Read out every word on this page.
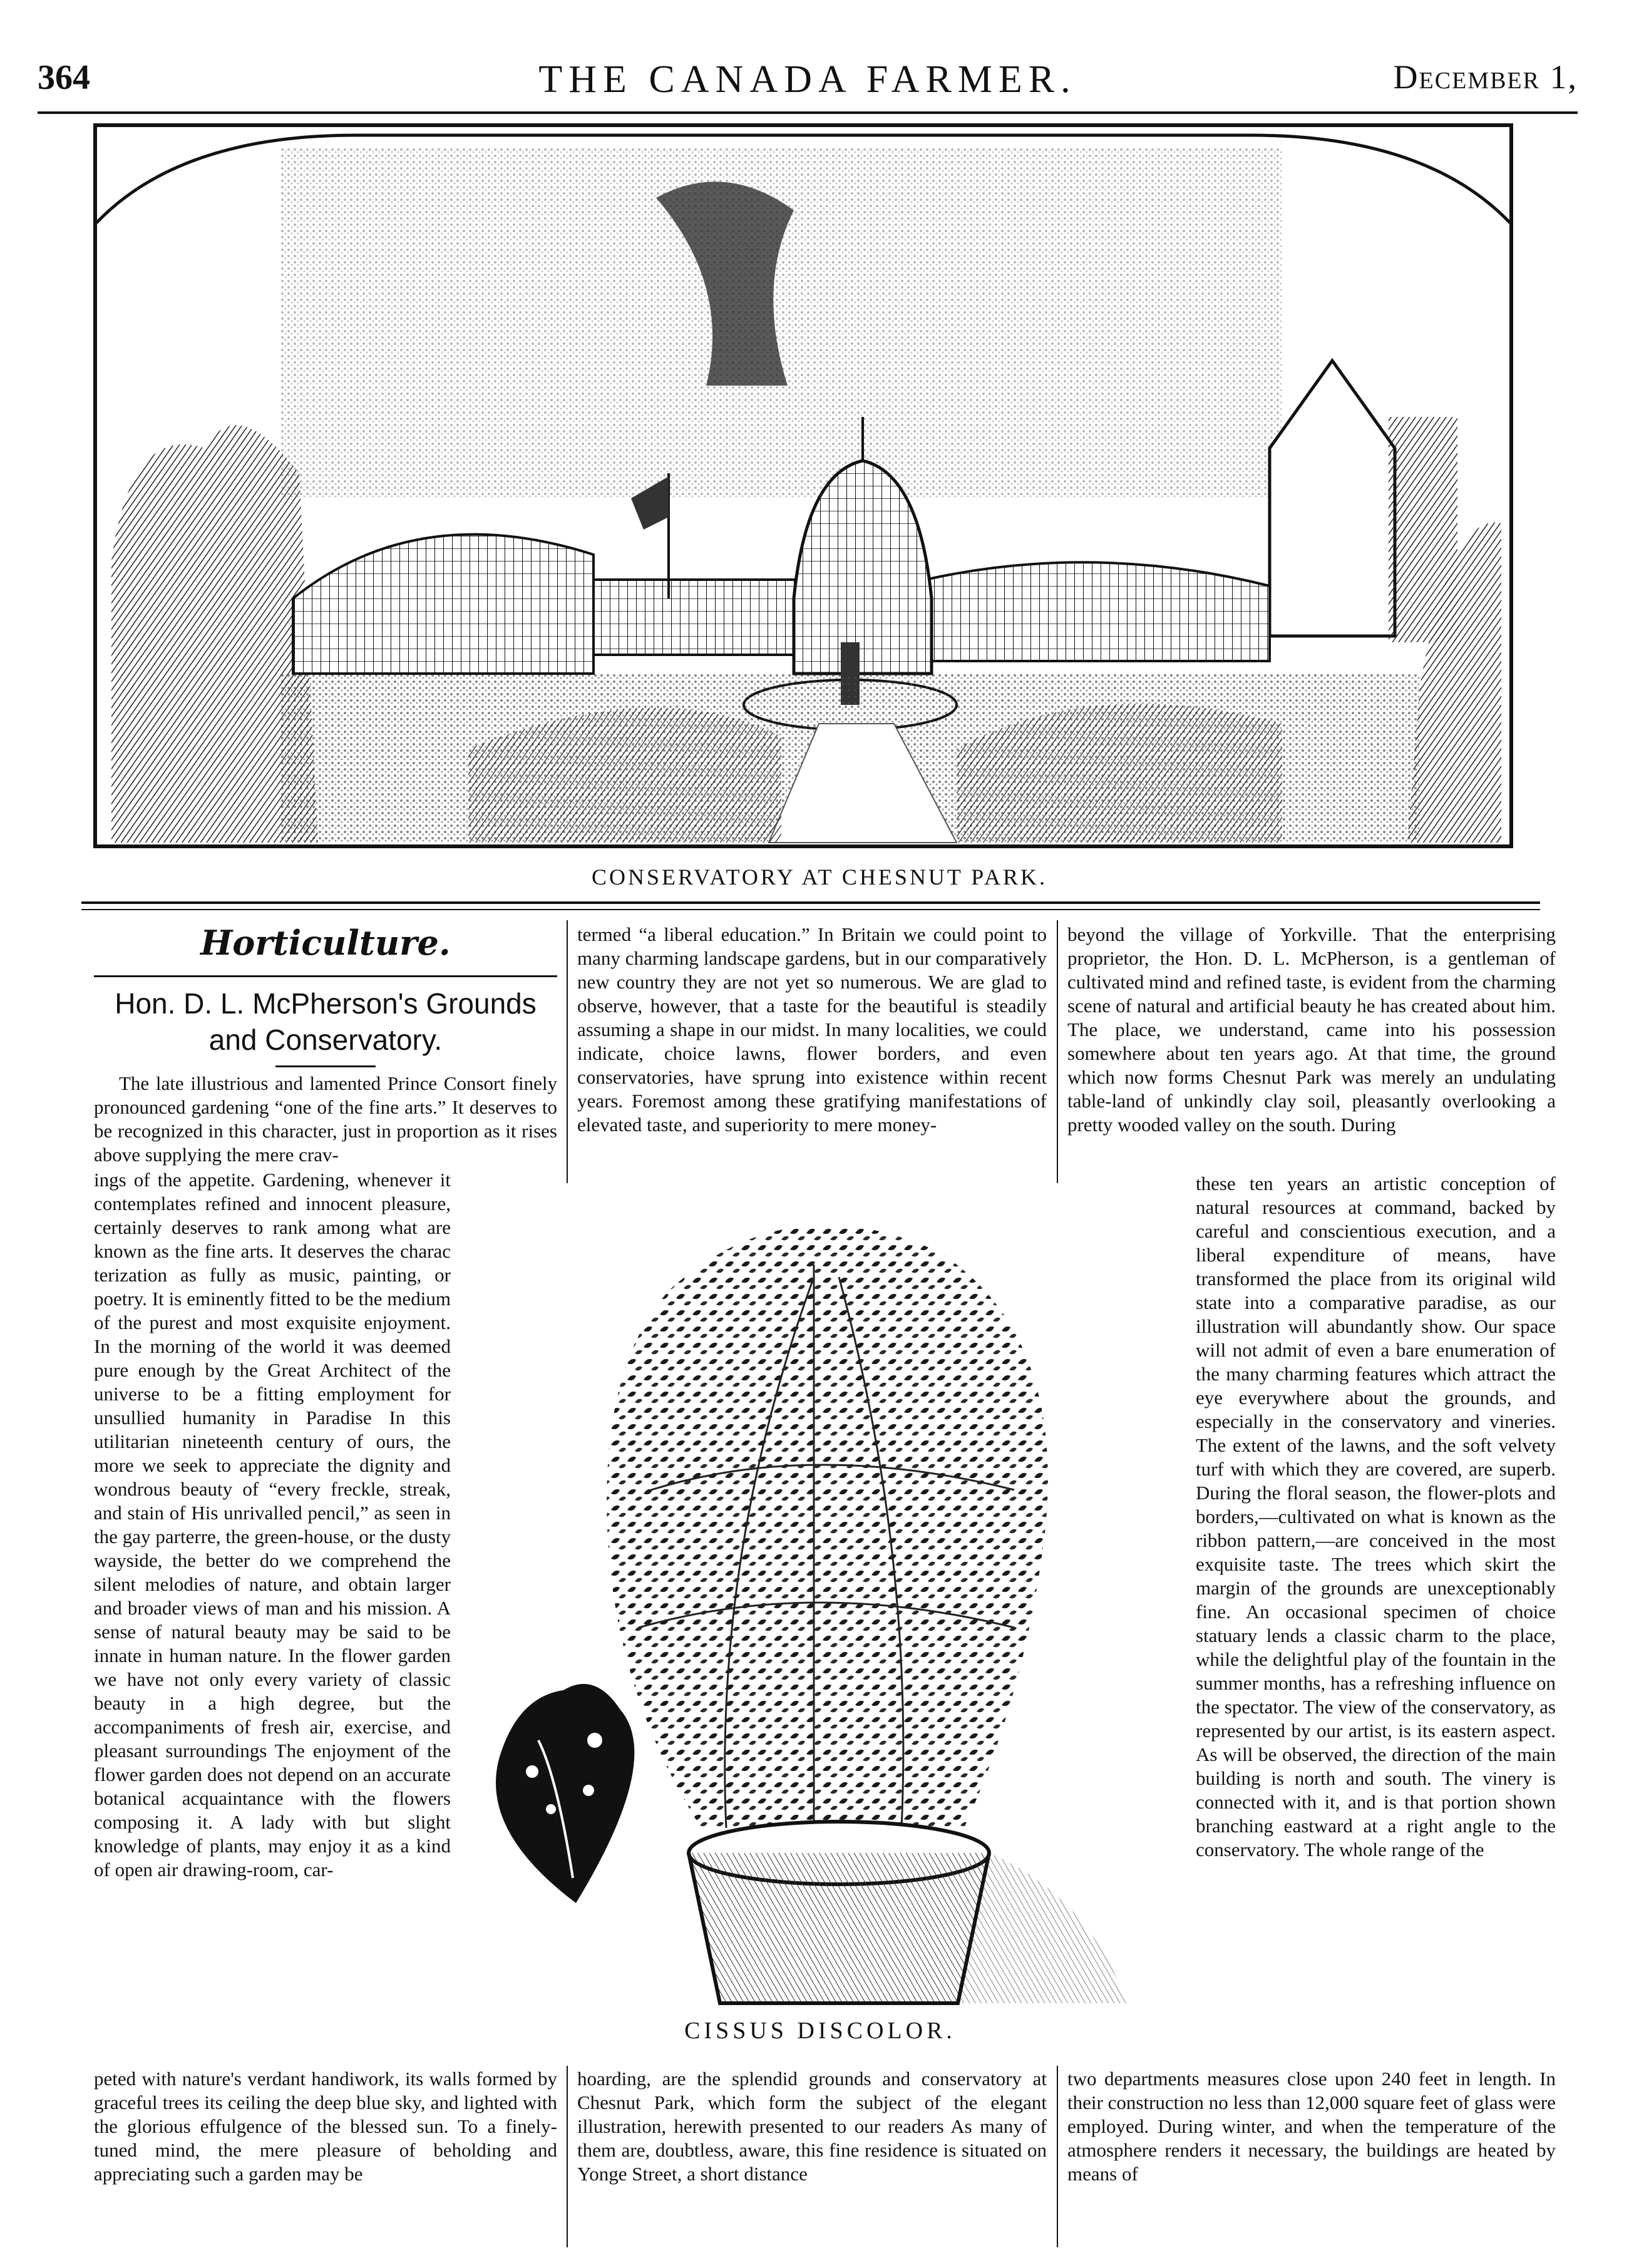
364	THE CANADA FARMER.	December 1,
CONSERVATORY AT CHESNUT PARK.
Horticulture.
Hon. D. L. McPherson's Grounds and Conservatory.

The late illustrious and lamented Prince Consort finely pronounced gardening “one of the fine arts.” It deserves to be recognized in this character, just in proportion as it rises above supplying the mere crav-

ings of the appetite. Gardening, whenever it contemplates refined and innocent pleasure, certainly deserves to rank among what are known as the fine arts. It deserves the charac terization as fully as music, painting, or poetry. It is eminently fitted to be the medium of the purest and most exquisite enjoyment. In the morning of the world it was deemed pure enough by the Great Architect of the universe to be a fitting employment for unsullied humanity in Paradise In this utilitarian nineteenth century of ours, the more we seek to appreciate the dignity and wondrous beauty of “every freckle, streak, and stain of His unrivalled pencil,” as seen in the gay parterre, the green-house, or the dusty wayside, the better do we comprehend the silent melodies of nature, and obtain larger and broader views of man and his mission. A sense of natural beauty may be said to be innate in human nature. In the flower garden we have not only every variety of classic beauty in a high degree, but the accompaniments of fresh air, exercise, and pleasant surroundings The enjoyment of the flower garden does not depend on an accurate botanical acquaintance with the flowers composing it. A lady with but slight knowledge of plants, may enjoy it as a kind of open air drawing-room, car-

peted with nature's verdant handiwork, its walls formed by graceful trees its ceiling the deep blue sky, and lighted with the glorious effulgence of the blessed sun. To a finely-tuned mind, the mere pleasure of beholding and appreciating such a garden may be

termed “a liberal education.” In Britain we could point to many charming landscape gardens, but in our comparatively new country they are not yet so numerous. We are glad to observe, however, that a taste for the beautiful is steadily assuming a shape in our midst. In many localities, we could indicate, choice lawns, flower borders, and even conservatories, have sprung into existence within recent years. Foremost among these gratifying manifestations of elevated taste, and superiority to mere money-

hoarding, are the splendid grounds and conservatory at Chesnut Park, which form the subject of the elegant illustration, herewith presented to our readers As many of them are, doubtless, aware, this fine residence is situated on Yonge Street, a short distance

beyond the village of Yorkville. That the enterprising proprietor, the Hon. D. L. McPherson, is a gentleman of cultivated mind and refined taste, is evident from the charming scene of natural and artificial beauty he has created about him. The place, we understand, came into his possession somewhere about ten years ago. At that time, the ground which now forms Chesnut Park was merely an undulating table-land of unkindly clay soil, pleasantly overlooking a pretty wooded valley on the south. During

these ten years an artistic conception of natural resources at command, backed by careful and conscientious execution, and a liberal expenditure of means, have transformed the place from its original wild state into a comparative paradise, as our illustration will abundantly show. Our space will not admit of even a bare enumeration of the many charming features which attract the eye everywhere about the grounds, and especially in the conservatory and vineries. The extent of the lawns, and the soft velvety turf with which they are covered, are superb. During the floral season, the flower-plots and borders,—cultivated on what is known as the ribbon pattern,—are conceived in the most exquisite taste. The trees which skirt the margin of the grounds are unexceptionably fine. An occasional specimen of choice statuary lends a classic charm to the place, while the delightful play of the fountain in the summer months, has a refreshing influence on the spectator. The view of the conservatory, as represented by our artist, is its eastern aspect. As will be observed, the direction of the main building is north and south. The vinery is connected with it, and is that portion shown branching eastward at a right angle to the conservatory. The whole range of the

two departments measures close upon 240 feet in length. In their construction no less than 12,000 square feet of glass were employed. During winter, and when the temperature of the atmosphere renders it necessary, the buildings are heated by means of

CISSUS DISCOLOR.
